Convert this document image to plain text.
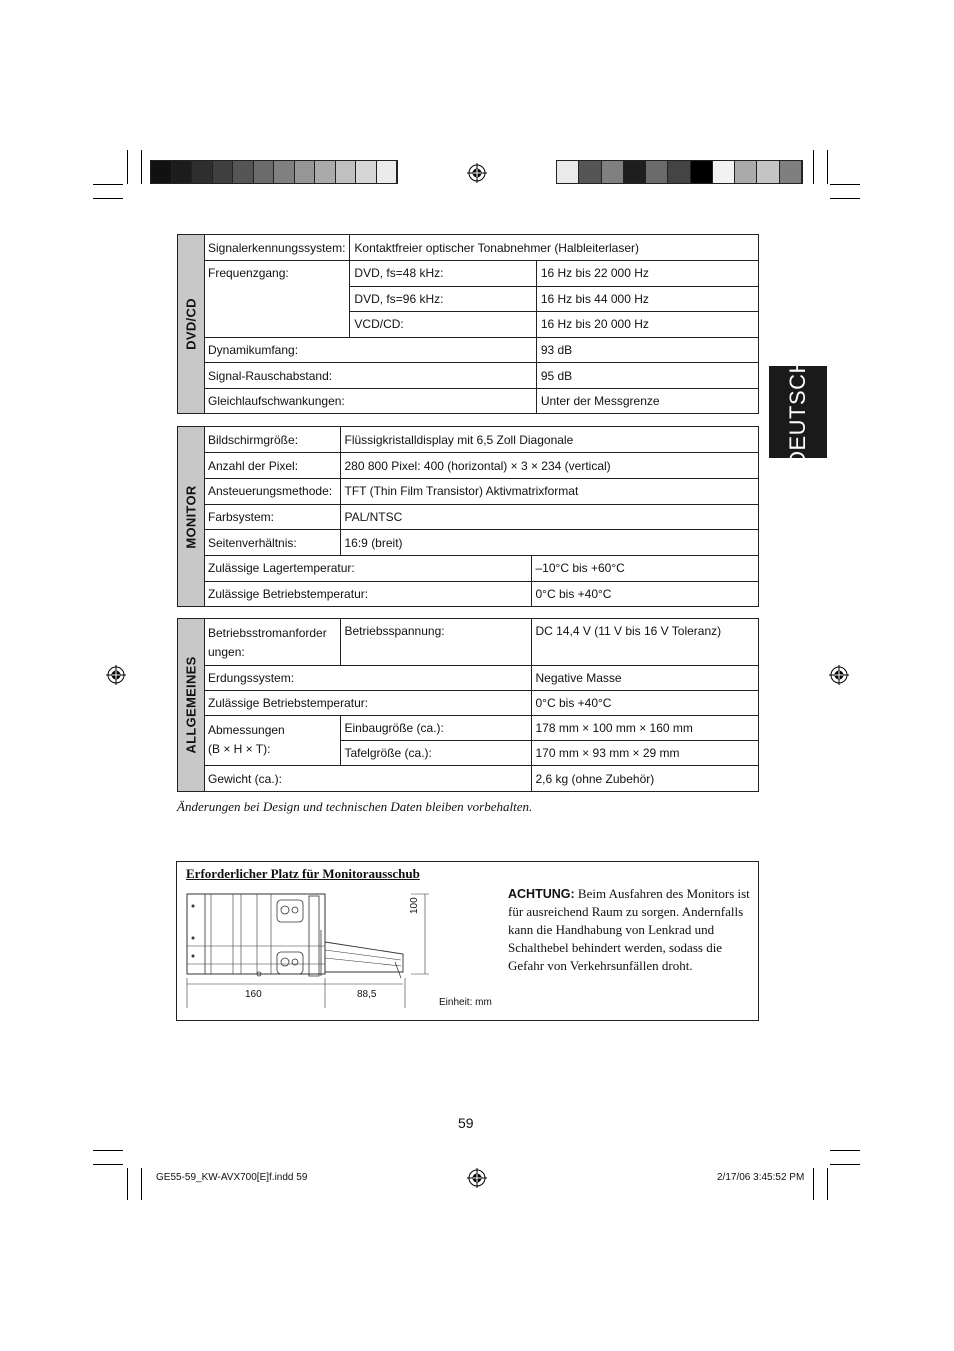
DEUTSCH
DVD/CD
Signalerkennungssystem:	Kontaktfreier optischer Tonabnehmer (Halbleiterlaser)	
Frequenzgang:	DVD, fs=48 kHz:	16 Hz bis 22 000 Hz
	DVD, fs=96 kHz:	16 Hz bis 44 000 Hz
	VCD/CD:	16 Hz bis 20 000 Hz
Dynamikumfang:		93 dB
Signal-Rauschabstand:		95 dB
Gleichlaufschwankungen:		Unter der Messgrenze
MONITOR
Bildschirmgröße:	Flüssigkristalldisplay mit 6,5 Zoll Diagonale	
Anzahl der Pixel:	280 800 Pixel: 400 (horizontal) × 3 × 234 (vertical)	
Ansteuerungsmethode:	TFT (Thin Film Transistor) Aktivmatrixformat	
Farbsystem:	PAL/NTSC	
Seitenverhältnis:	16:9 (breit)	
Zulässige Lagertemperatur:		–10°C bis +60°C
Zulässige Betriebstemperatur:		0°C bis +40°C
ALLGEMEINES
Betriebsstromanforder
ungen:	Betriebsspannung:	DC 14,4 V (11 V bis 16 V Toleranz)
Erdungssystem:		Negative Masse
Zulässige Betriebstemperatur:		0°C bis +40°C

Abmessungen
(B × H × T):	Einbaugröße (ca.):	178 mm × 100 mm × 160 mm
	Tafelgröße (ca.):	170 mm × 93 mm × 29 mm
Gewicht (ca.):		2,6 kg (ohne Zubehör)
Änderungen bei Design und technischen Daten bleiben vorbehalten.
Erforderlicher Platz für Monitorausschub
160	88,5
100
Einheit: mm
ACHTUNG: Beim Ausfahren des Monitors ist für ausreichend Raum zu sorgen. Andernfalls kann die Handhabung von Lenkrad und Schalthebel behindert werden, sodass die Gefahr von Verkehrsunfällen droht.
59
GE55-59_KW-AVX700[E]f.indd 59	2/17/06 3:45:52 PM
